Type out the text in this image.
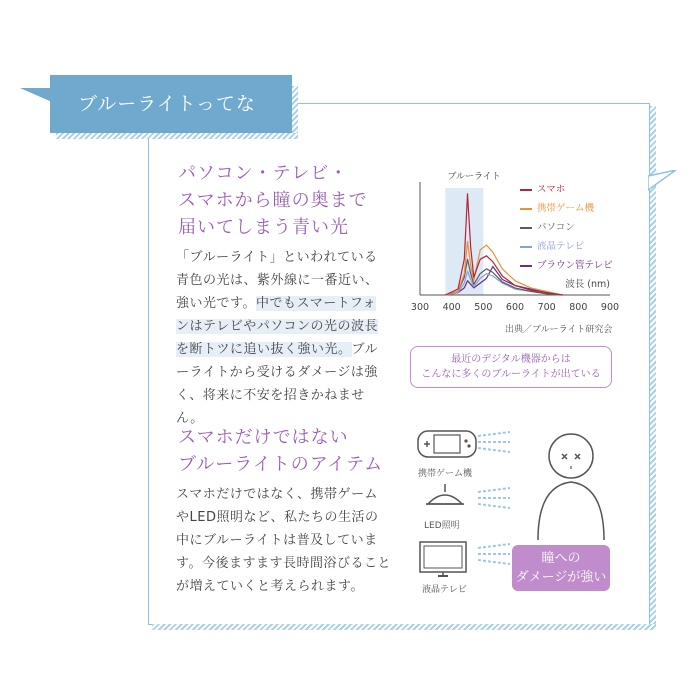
ブルーライトってなに？
パソコン・テレビ・
スマホから瞳の奥まで
届いてしまう青い光
「ブルーライト」といわれている青色の光は、紫外線に一番近い、強い光です。中でもスマートフォンはテレビやパソコンの光の波長を断トツに追い抜く強い光。ブルーライトから受けるダメージは強く、将来に不安を招きかねません。
スマホだけではない
ブルーライトのアイテム
スマホだけではなく、携帯ゲームやLED照明など、私たちの生活の中にブルーライトは普及しています。今後ますます長時間浴びることが増えていくと考えられます。
ブルーライト
300 400 500 600 700 800 900
波長 (nm)
スマホ
携帯ゲーム機
パソコン
液晶テレビ
ブラウン管テレビ
出典／ブルーライト研究会
最近のデジタル機器からは
こんなに多くのブルーライトが出ている
携帯ゲーム機
LED照明
液晶テレビ
瞳への
ダメージが強い
